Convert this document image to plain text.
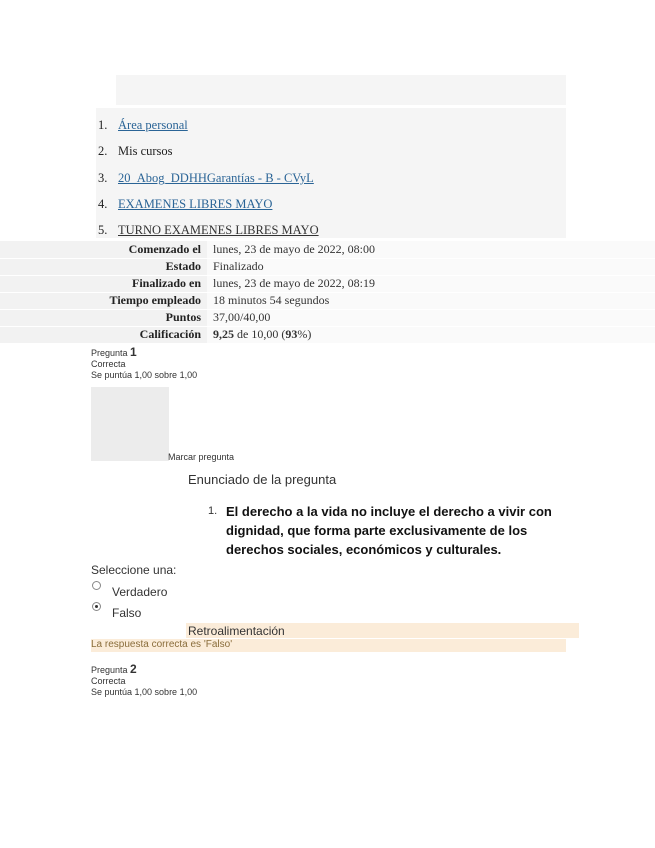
1. Área personal
2. Mis cursos
3. 20_Abog_DDHHGarantías - B - CVyL
4. EXAMENES LIBRES MAYO
5. TURNO EXAMENES LIBRES MAYO
Comenzado el	lunes, 23 de mayo de 2022, 08:00
Estado	Finalizado
Finalizado en	lunes, 23 de mayo de 2022, 08:19
Tiempo empleado	18 minutos 54 segundos
Puntos	37,00/40,00
Calificación	9,25 de 10,00 (93%)
Pregunta 1
Correcta
Se puntúa 1,00 sobre 1,00
Marcar pregunta
Enunciado de la pregunta
1. El derecho a la vida no incluye el derecho a vivir con dignidad, que forma parte exclusivamente de los derechos sociales, económicos y culturales.
Seleccione una:
Verdadero
Falso
Retroalimentación
La respuesta correcta es 'Falso'
Pregunta 2
Correcta
Se puntúa 1,00 sobre 1,00
